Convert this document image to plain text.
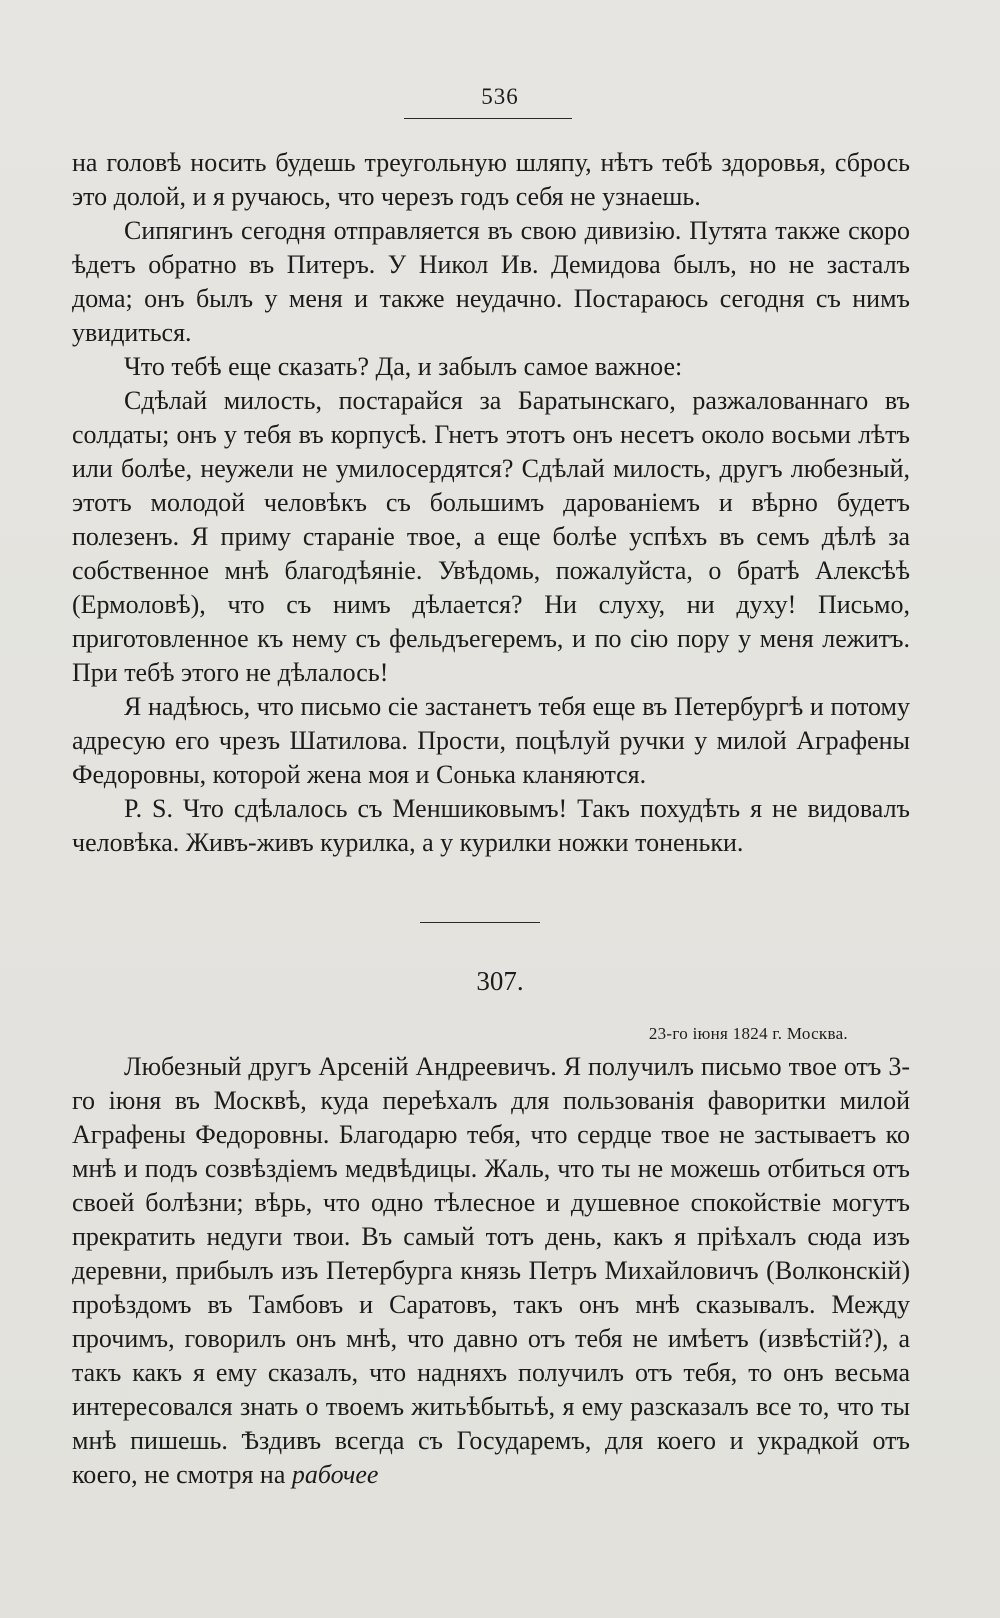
536

на головѣ носить будешь треугольную шляпу, нѣтъ тебѣ здоровья, сбрось это долой, и я ручаюсь, что черезъ годъ себя не узнаешь.

Сипягинъ сегодня отправляется въ свою дивизію. Путята также скоро ѣдетъ обратно въ Питеръ. У Никол Ив. Демидова былъ, но не засталъ дома; онъ былъ у меня и также неудачно. Постараюсь сегодня съ нимъ увидиться.

Что тебѣ еще сказать? Да, и забылъ самое важное:

Сдѣлай милость, постарайся за Баратынскаго, разжалованнаго въ солдаты; онъ у тебя въ корпусѣ. Гнетъ этотъ онъ несетъ около восьми лѣтъ или болѣе, неужели не умилосердятся? Сдѣлай милость, другъ любезный, этотъ молодой человѣкъ съ большимъ дарованіемъ и вѣрно будетъ полезенъ. Я приму стараніе твое, а еще болѣе успѣхъ въ семъ дѣлѣ за собственное мнѣ благодѣяніе. Увѣдомь, пожалуйста, о братѣ Алексѣѣ (Ермоловѣ), что съ нимъ дѣлается? Ни слуху, ни духу! Письмо, приготовленное къ нему съ фельдъегеремъ, и по сію пору у меня лежитъ. При тебѣ этого не дѣлалось!

Я надѣюсь, что письмо сіе застанетъ тебя еще въ Петербургѣ и потому адресую его чрезъ Шатилова. Прости, поцѣлуй ручки у милой Аграфены Федоровны, которой жена моя и Сонька кланяются.

P. S. Что сдѣлалось съ Меншиковымъ! Такъ похудѣть я не видовалъ человѣка. Живъ-живъ курилка, а у курилки ножки тоненьки.

307.
23-го іюня 1824 г. Москва.

Любезный другъ Арсеній Андреевичъ. Я получилъ письмо твое отъ 3-го іюня въ Москвѣ, куда переѣхалъ для пользованія фаворитки милой Аграфены Федоровны. Благодарю тебя, что сердце твое не застываетъ ко мнѣ и подъ созвѣздіемъ медвѣдицы. Жаль, что ты не можешь отбиться отъ своей болѣзни; вѣрь, что одно тѣлесное и душевное спокойствіе могутъ прекратить недуги твои. Въ самый тотъ день, какъ я пріѣхалъ сюда изъ деревни, прибылъ изъ Петербурга князь Петръ Михайловичъ (Волконскій) проѣздомъ въ Тамбовъ и Саратовъ, такъ онъ мнѣ сказывалъ. Между прочимъ, говорилъ онъ мнѣ, что давно отъ тебя не имѣетъ (извѣстій?), а такъ какъ я ему сказалъ, что надняхъ получилъ отъ тебя, то онъ весьма интересовался знать о твоемъ житьѣбытьѣ, я ему разсказалъ все то, что ты мнѣ пишешь. Ѣздивъ всегда съ Государемъ, для коего и украдкой отъ коего, не смотря на рабочее
